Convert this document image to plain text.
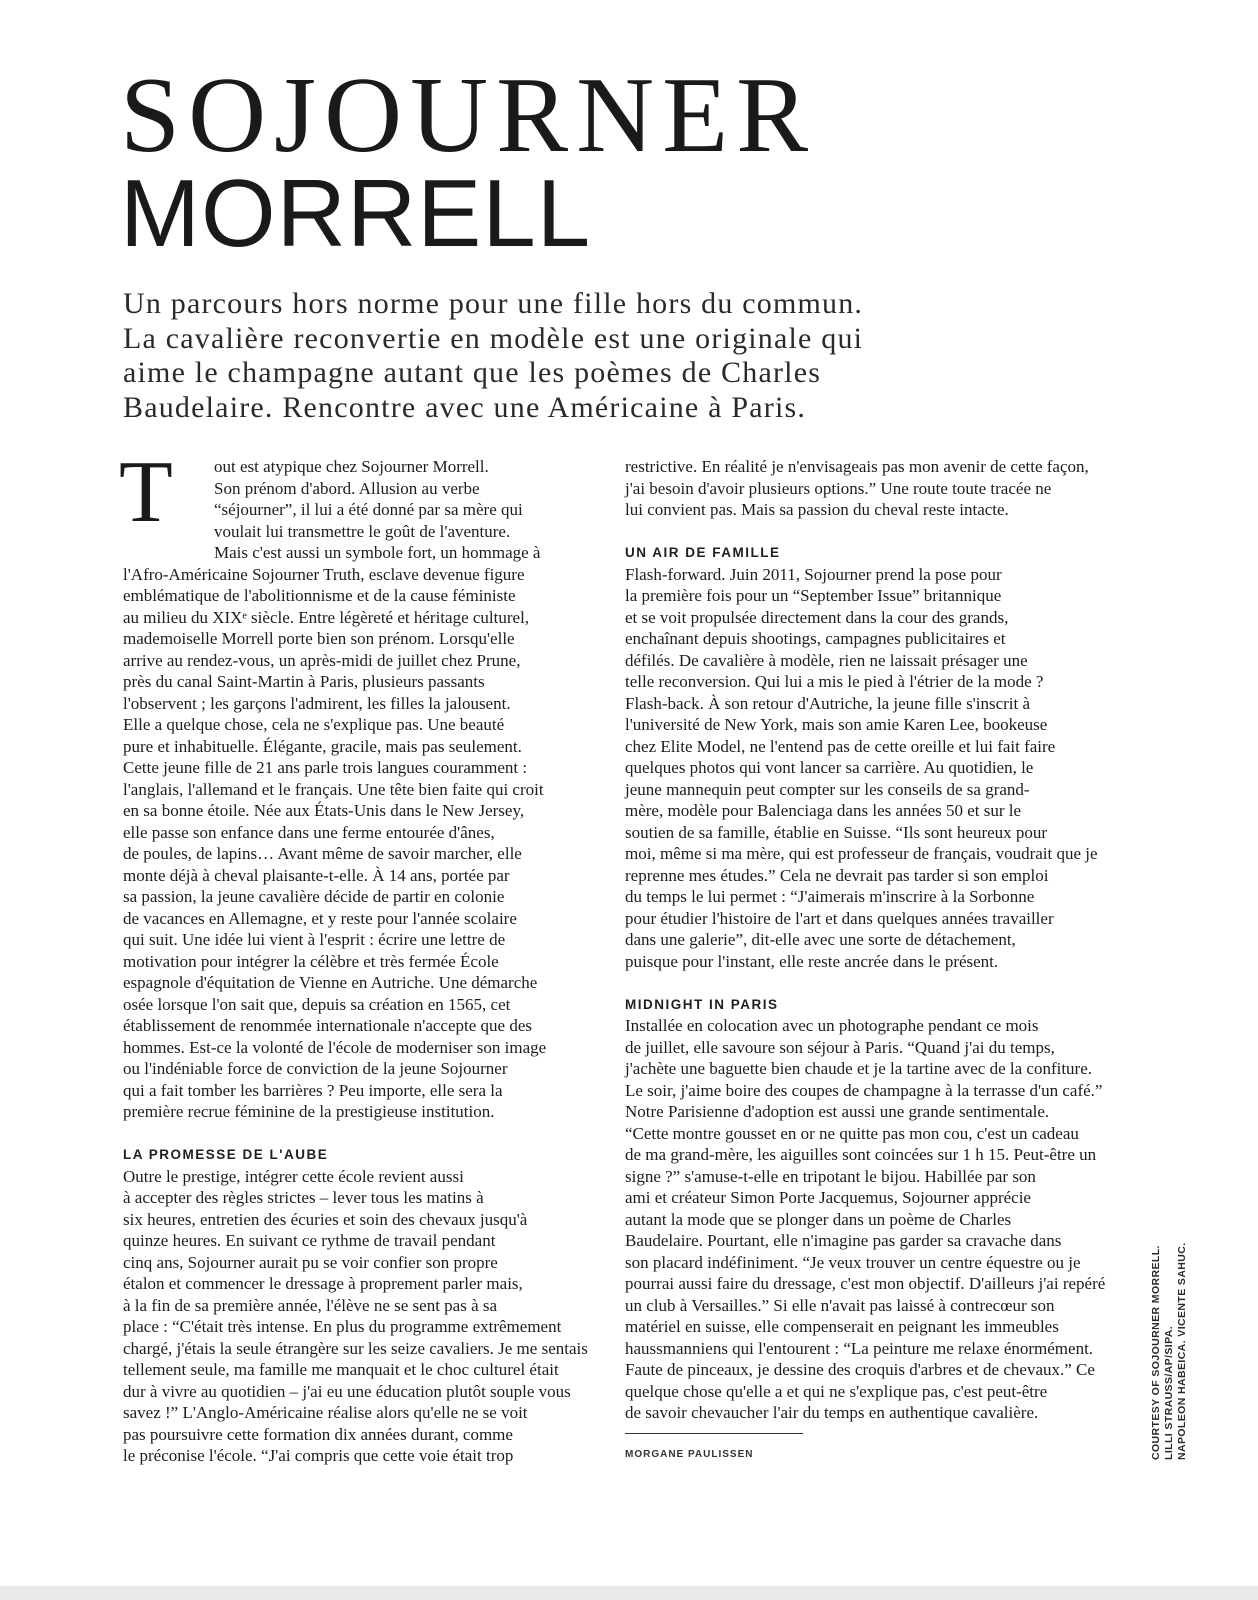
SOJOURNER
MORRELL
Un parcours hors norme pour une fille hors du commun.
La cavalière reconvertie en modèle est une originale qui
aime le champagne autant que les poèmes de Charles
Baudelaire. Rencontre avec une Américaine à Paris.
T	out est atypique chez Sojourner Morrell.
Son prénom d'abord. Allusion au verbe
“séjourner”, il lui a été donné par sa mère qui
voulait lui transmettre le goût de l'aventure.
Mais c'est aussi un symbole fort, un hommage à
l'Afro-Américaine Sojourner Truth, esclave devenue figure
emblématique de l'abolitionnisme et de la cause féministe
au milieu du XIXᵉ siècle. Entre légèreté et héritage culturel,
mademoiselle Morrell porte bien son prénom. Lorsqu'elle
arrive au rendez-vous, un après-midi de juillet chez Prune,
près du canal Saint-Martin à Paris, plusieurs passants
l'observent ; les garçons l'admirent, les filles la jalousent.
Elle a quelque chose, cela ne s'explique pas. Une beauté
pure et inhabituelle. Élégante, gracile, mais pas seulement.
Cette jeune fille de 21 ans parle trois langues couramment :
l'anglais, l'allemand et le français. Une tête bien faite qui croit
en sa bonne étoile. Née aux États-Unis dans le New Jersey,
elle passe son enfance dans une ferme entourée d'ânes,
de poules, de lapins… Avant même de savoir marcher, elle
monte déjà à cheval plaisante-t-elle. À 14 ans, portée par
sa passion, la jeune cavalière décide de partir en colonie
de vacances en Allemagne, et y reste pour l'année scolaire
qui suit. Une idée lui vient à l'esprit : écrire une lettre de
motivation pour intégrer la célèbre et très fermée École
espagnole d'équitation de Vienne en Autriche. Une démarche
osée lorsque l'on sait que, depuis sa création en 1565, cet
établissement de renommée internationale n'accepte que des
hommes. Est-ce la volonté de l'école de moderniser son image
ou l'indéniable force de conviction de la jeune Sojourner
qui a fait tomber les barrières ? Peu importe, elle sera la
première recrue féminine de la prestigieuse institution.
LA PROMESSE DE L'AUBE
Outre le prestige, intégrer cette école revient aussi
à accepter des règles strictes – lever tous les matins à
six heures, entretien des écuries et soin des chevaux jusqu'à
quinze heures. En suivant ce rythme de travail pendant
cinq ans, Sojourner aurait pu se voir confier son propre
étalon et commencer le dressage à proprement parler mais,
à la fin de sa première année, l'élève ne se sent pas à sa
place : “C'était très intense. En plus du programme extrêmement
chargé, j'étais la seule étrangère sur les seize cavaliers. Je me sentais
tellement seule, ma famille me manquait et le choc culturel était
dur à vivre au quotidien – j'ai eu une éducation plutôt souple vous
savez !” L'Anglo-Américaine réalise alors qu'elle ne se voit
pas poursuivre cette formation dix années durant, comme
le préconise l'école. “J'ai compris que cette voie était trop
restrictive. En réalité je n'envisageais pas mon avenir de cette façon,
j'ai besoin d'avoir plusieurs options.” Une route toute tracée ne
lui convient pas. Mais sa passion du cheval reste intacte.
UN AIR DE FAMILLE
Flash-forward. Juin 2011, Sojourner prend la pose pour
la première fois pour un “September Issue” britannique
et se voit propulsée directement dans la cour des grands,
enchaînant depuis shootings, campagnes publicitaires et
défilés. De cavalière à modèle, rien ne laissait présager une
telle reconversion. Qui lui a mis le pied à l'étrier de la mode ?
Flash-back. À son retour d'Autriche, la jeune fille s'inscrit à
l'université de New York, mais son amie Karen Lee, bookeuse
chez Elite Model, ne l'entend pas de cette oreille et lui fait faire
quelques photos qui vont lancer sa carrière. Au quotidien, le
jeune mannequin peut compter sur les conseils de sa grand-
mère, modèle pour Balenciaga dans les années 50 et sur le
soutien de sa famille, établie en Suisse. “Ils sont heureux pour
moi, même si ma mère, qui est professeur de français, voudrait que je
reprenne mes études.” Cela ne devrait pas tarder si son emploi
du temps le lui permet : “J'aimerais m'inscrire à la Sorbonne
pour étudier l'histoire de l'art et dans quelques années travailler
dans une galerie”, dit-elle avec une sorte de détachement,
puisque pour l'instant, elle reste ancrée dans le présent.
MIDNIGHT IN PARIS
Installée en colocation avec un photographe pendant ce mois
de juillet, elle savoure son séjour à Paris. “Quand j'ai du temps,
j'achète une baguette bien chaude et je la tartine avec de la confiture.
Le soir, j'aime boire des coupes de champagne à la terrasse d'un café.”
Notre Parisienne d'adoption est aussi une grande sentimentale.
“Cette montre gousset en or ne quitte pas mon cou, c'est un cadeau
de ma grand-mère, les aiguilles sont coincées sur 1 h 15. Peut-être un
signe ?” s'amuse-t-elle en tripotant le bijou. Habillée par son
ami et créateur Simon Porte Jacquemus, Sojourner apprécie
autant la mode que se plonger dans un poème de Charles
Baudelaire. Pourtant, elle n'imagine pas garder sa cravache dans
son placard indéfiniment. “Je veux trouver un centre équestre ou je
pourrai aussi faire du dressage, c'est mon objectif. D'ailleurs j'ai repéré
un club à Versailles.” Si elle n'avait pas laissé à contrecœur son
matériel en suisse, elle compenserait en peignant les immeubles
haussmanniens qui l'entourent : “La peinture me relaxe énormément.
Faute de pinceaux, je dessine des croquis d'arbres et de chevaux.” Ce
quelque chose qu'elle a et qui ne s'explique pas, c'est peut-être
de savoir chevaucher l'air du temps en authentique cavalière.
MORGANE PAULISSEN	COURTESY OF SOJOURNER MORRELL. LILLI STRAUSS/AP/SIPA. NAPOLEON HABEICA. VICENTE SAHUC.
